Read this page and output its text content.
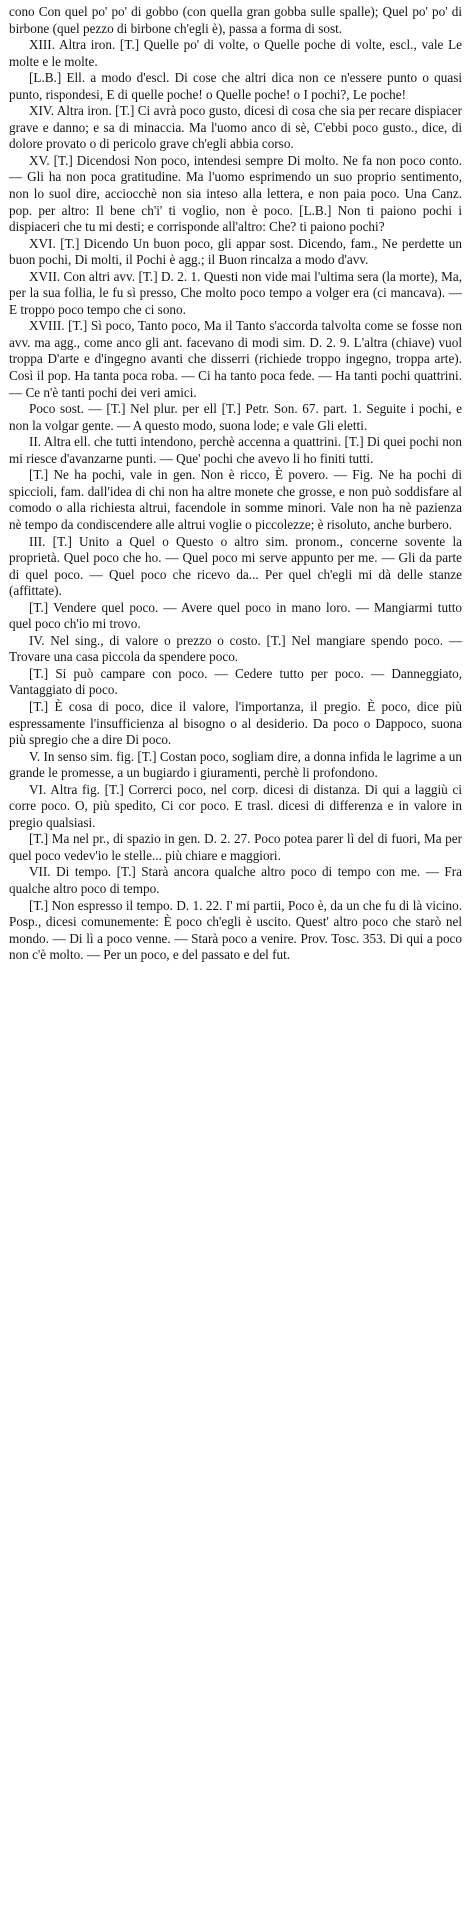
cono Con quel po' po' di gobbo (con quella gran gobba sulle spalle); Quel po' po' di birbone (quel pezzo di birbone ch'egli è), passa a forma di sost.

XIII. Altra iron. [T.] Quelle po' di volte, o Quelle poche di volte, escl., vale Le molte e le molte.

[L.B.] Ell. a modo d'escl. Di cose che altri dica non ce n'essere punto o quasi punto, rispondesi, E di quelle poche! o Quelle poche! o I pochi?, Le poche!

XIV. Altra iron. [T.] Ci avrà poco gusto, dicesi di cosa che sia per recare dispiacer grave e danno; e sa di minaccia. Ma l'uomo anco di sè, C'ebbi poco gusto., dice, di dolore provato o di pericolo grave ch'egli abbia corso.

XV. [T.] Dicendosi Non poco, intendesi sempre Di molto. Ne fa non poco conto. — Gli ha non poca gratitudine. Ma l'uomo esprimendo un suo proprio sentimento, non lo suol dire, acciocchè non sia inteso alla lettera, e non paia poco. Una Canz. pop. per altro: Il bene ch'i' ti voglio, non è poco. [L.B.] Non ti paiono pochi i dispiaceri che tu mi desti; e corrisponde all'altro: Che? ti paiono pochi?

XVI. [T.] Dicendo Un buon poco, gli appar sost. Dicendo, fam., Ne perdette un buon pochi, Di molti, il Pochi è agg.; il Buon rincalza a modo d'avv.

XVII. Con altri avv. [T.] D. 2. 1. Questi non vide mai l'ultima sera (la morte), Ma, per la sua follia, le fu sì presso, Che molto poco tempo a volger era (ci mancava). — E troppo poco tempo che ci sono.

XVIII. [T.] Sì poco, Tanto poco, Ma il Tanto s'accorda talvolta come se fosse non avv. ma agg., come anco gli ant. facevano di modi sim. D. 2. 9. L'altra (chiave) vuol troppa D'arte e d'ingegno avanti che disserri (richiede troppo ingegno, troppa arte). Così il pop. Ha tanta poca roba. — Ci ha tanto poca fede. — Ha tanti pochi quattrini. — Ce n'è tanti pochi dei veri amici.

Poco sost. — [T.] Nel plur. per ell [T.] Petr. Son. 67. part. 1. Seguite i pochi, e non la volgar gente. — A questo modo, suona lode; e vale Gli eletti.

II. Altra ell. che tutti intendono, perchè accenna a quattrini. [T.] Di quei pochi non mi riesce d'avanzarne punti. — Que' pochi che avevo li ho finiti tutti.

[T.] Ne ha pochi, vale in gen. Non è ricco, È povero. — Fig. Ne ha pochi di spiccioli, fam. dall'idea di chi non ha altre monete che grosse, e non può soddisfare al comodo o alla richiesta altrui, facendole in somme minori. Vale non ha nè pazienza nè tempo da condiscendere alle altrui voglie o piccolezze; è risoluto, anche burbero.

III. [T.] Unito a Quel o Questo o altro sim. pronom., concerne sovente la proprietà. Quel poco che ho. — Quel poco mi serve appunto per me. — Gli da parte di quel poco. — Quel poco che ricevo da... Per quel ch'egli mi dà delle stanze (affittate).

[T.] Vendere quel poco. — Avere quel poco in mano loro. — Mangiarmi tutto quel poco ch'io mi trovo.

IV. Nel sing., di valore o prezzo o costo. [T.] Nel mangiare spendo poco. — Trovare una casa piccola da spendere poco.

[T.] Si può campare con poco. — Cedere tutto per poco. — Danneggiato, Vantaggiato di poco.

[T.] È cosa di poco, dice il valore, l'importanza, il pregio. È poco, dice più espressamente l'insufficienza al bisogno o al desiderio. Da poco o Dappoco, suona più spregio che a dire Di poco.

V. In senso sim. fig. [T.] Costan poco, sogliam dire, a donna infida le lagrime a un grande le promesse, a un bugiardo i giuramenti, perchè li profondono.

VI. Altra fig. [T.] Correrci poco, nel corp. dicesi di distanza. Di qui a laggiù ci corre poco. O, più spedito, Ci cor poco. E trasl. dicesi di differenza e in valore in pregio qualsiasi.

[T.] Ma nel pr., di spazio in gen. D. 2. 27. Poco potea parer lì del di fuori, Ma per quel poco vedev'io le stelle... più chiare e maggiori.

VII. Di tempo. [T.] Starà ancora qualche altro poco di tempo con me. — Fra qualche altro poco di tempo.

[T.] Non espresso il tempo. D. 1. 22. I' mi partii, Poco è, da un che fu di là vicino. Posp., dicesi comunemente: È poco ch'egli è uscito. Quest' altro poco che starò nel mondo. — Di lì a poco venne. — Starà poco a venire. Prov. Tosc. 353. Di qui a poco non c'è molto. — Per un poco, e del passato e del fut.
